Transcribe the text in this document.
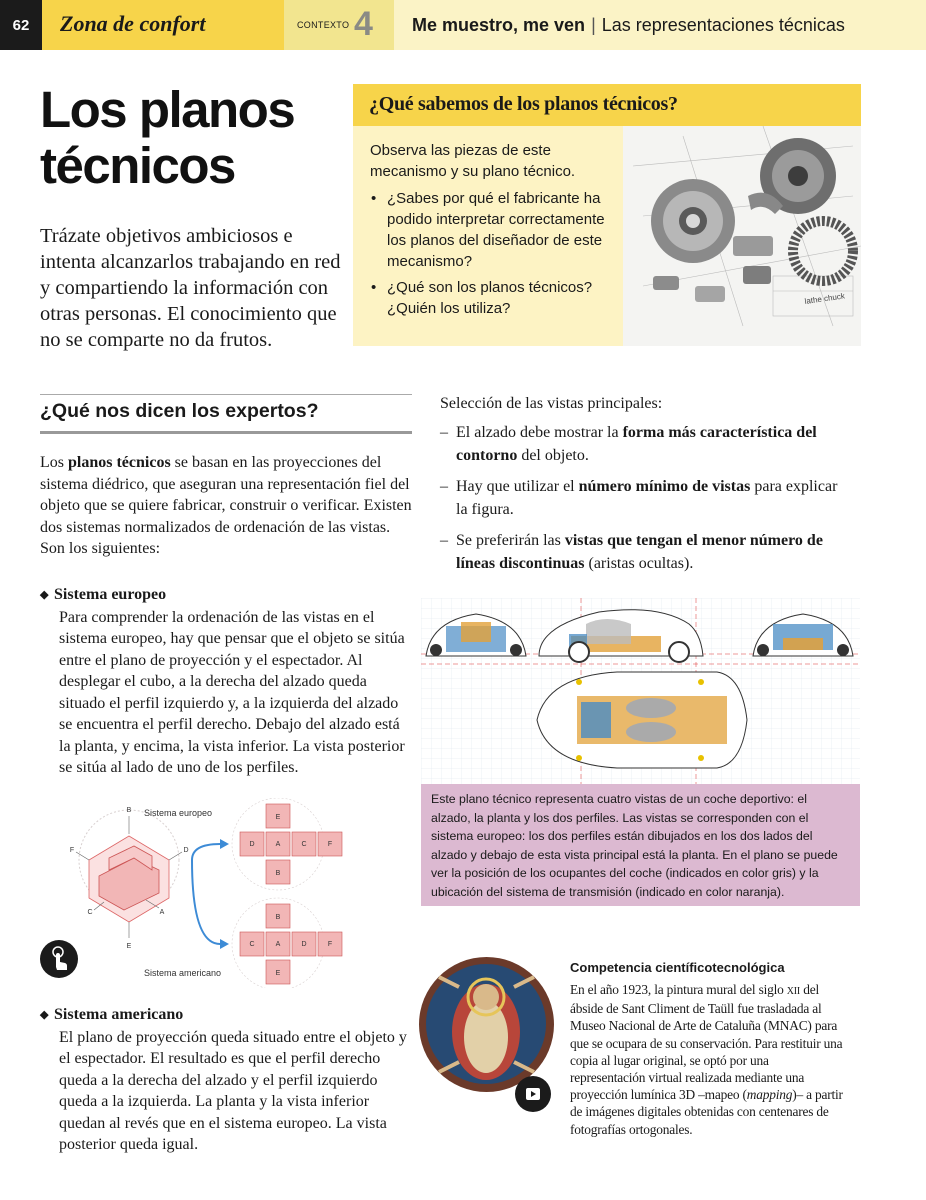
62	Zona de confort	CONTEXTO 4	Me muestro, me ven | Las representaciones técnicas
Los planos
técnicos

Trázate objetivos ambiciosos e intenta alcanzarlos trabajando en red y compartiendo la información con otras personas. El conocimiento que no se comparte no da frutos.

¿Qué sabemos de los planos técnicos?

Observa las piezas de este mecanismo y su plano técnico.

• ¿Sabes por qué el fabricante ha podido interpretar correctamente los planos del diseñador de este mecanismo?
• ¿Qué son los planos técnicos? ¿Quién los utiliza?
lathe chuck
¿Qué nos dicen los expertos?

Los planos técnicos se basan en las proyecciones del sistema diédrico, que aseguran una representación fiel del objeto que se quiere fabricar, construir o verificar. Existen dos sistemas normalizados de ordenación de las vistas. Son los siguientes:

◆ Sistema europeo

Para comprender la ordenación de las vistas en el sistema europeo, hay que pensar que el objeto se sitúa entre el plano de proyección y el espectador. Al desplegar el cubo, a la derecha del alzado queda situado el perfil izquierdo y, a la izquierda del alzado se encuentra el perfil derecho. Debajo del alzado está la planta, y encima, la vista inferior. La vista posterior se sitúa al lado de uno de los perfiles.

E
D	A	C	F
B
B
C	A	D	F
E
B
F	D
C	A
E
Sistema europeo
Sistema americano
◆ Sistema americano

El plano de proyección queda situado entre el objeto y el espectador. El resultado es que el perfil derecho queda a la derecha del alzado y el perfil izquierdo queda a la izquierda. La planta y la vista inferior quedan al revés que en el sistema europeo. La vista posterior queda igual.

Selección de las vistas principales:

– El alzado debe mostrar la forma más característica del contorno del objeto.
– Hay que utilizar el número mínimo de vistas para explicar la figura.
– Se preferirán las vistas que tengan el menor número de líneas discontinuas (aristas ocultas).
Este plano técnico representa cuatro vistas de un coche deportivo: el alzado, la planta y los dos perfiles. Las vistas se corresponden con el sistema europeo: los dos perfiles están dibujados en los dos lados del alzado y debajo de esta vista principal está la planta. En el plano se puede ver la posición de los ocupantes del coche (indicados en color gris) y la ubicación del sistema de transmisión (indicado en color naranja).
Competencia científicotecnológica

En el año 1923, la pintura mural del siglo XII del ábside de Sant Climent de Taüll fue trasladada al Museo Nacional de Arte de Cataluña (MNAC) para que se ocupara de su conservación. Para restituir una copia al lugar original, se optó por una representación virtual realizada mediante una proyección lumínica 3D –mapeo (mapping)– a partir de imágenes digitales obtenidas con centenares de fotografías ortogonales.
